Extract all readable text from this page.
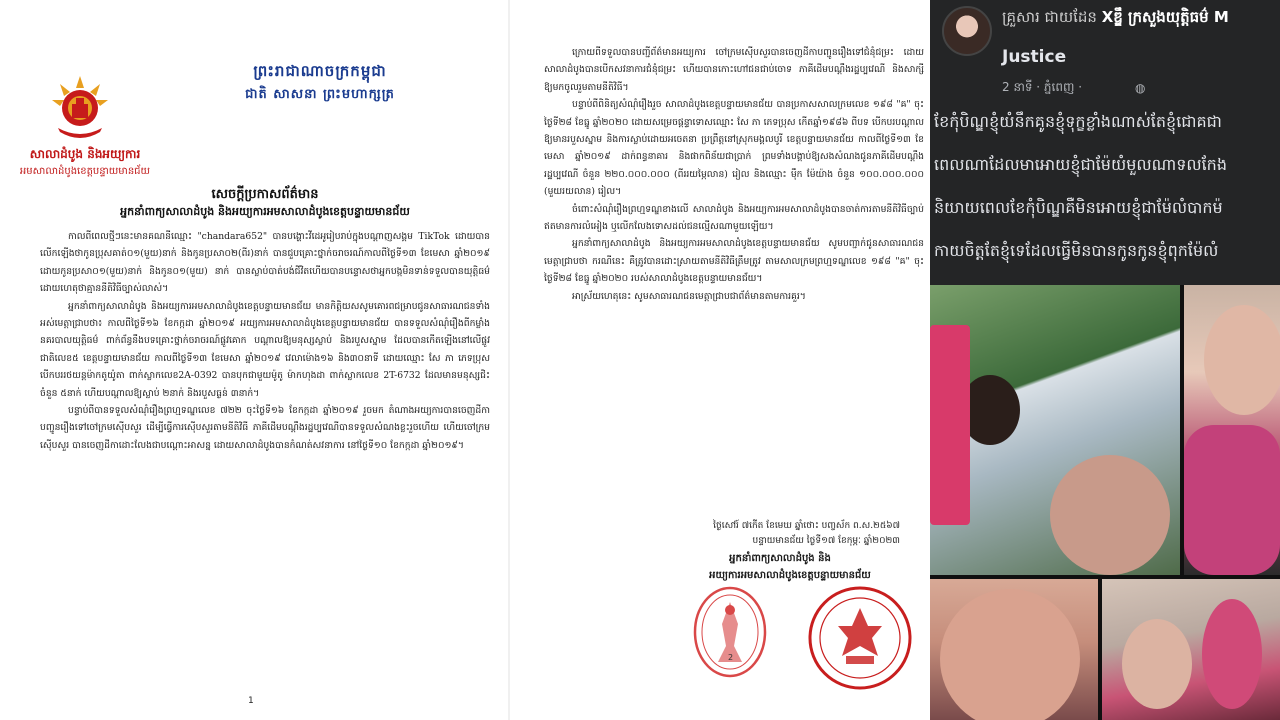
សាលាដំបូង និងអយ្យការ
អមសាលាដំបូងខេត្តបន្ទាយមានជ័យ
ព្រះរាជាណាចក្រកម្ពុជា
ជាតិ សាសនា ព្រះមហាក្សត្រ
សេចក្ដីប្រកាសព័ត៌មាន
អ្នកនាំពាក្យសាលាដំបូង និងអយ្យការអមសាលាដំបូងខេត្តបន្ទាយមានជ័យ

កាលពីពេលថ្មីៗនេះមានគណនីឈ្មោះ "chandara652" បានបង្ហោះវីដេអូរៀបរាប់ក្នុងបណ្តាញសង្គម TikTok ដោយបានលើកឡើងថាកូនប្រុសគាត់០១(មួយ)នាក់ និងកូនប្រសា០២(ពីរ)នាក់ បានជួបគ្រោះថ្នាក់ចរាចរណ៍កាលពីថ្ងៃទី១៣ ខែមេសា ឆ្នាំ២០១៩ ដោយកូនប្រសា០១(មួយ)នាក់ និងកូន០១(មួយ) នាក់ បានស្លាប់បាត់បង់ជីវិតហើយបានបន្ទោសថាអ្នកបង្កមិនទាន់ទទួលបានយុត្តិធម៌ដោយហេតុថាគ្មាននីតិវិធីច្បាស់លាស់។

អ្នកនាំពាក្យសាលាដំបូង និងអយ្យការអមសាលាដំបូងខេត្តបន្ទាយមានជ័យ មានកិត្តិយសសូមគោរពជម្រាបជូនសាធារណជនទាំងអស់មេត្តាជ្រាបថា៖ កាលពីថ្ងៃទី១៦ ខែកក្កដា ឆ្នាំ២០១៩ អយ្យការអមសាលាដំបូងខេត្តបន្ទាយមានជ័យ បានទទួលសំណុំរឿងពីកម្លាំងនគរបាលយុត្តិធម៌ ពាក់ព័ន្ធនឹងបទគ្រោះថ្នាក់ចរាចរណ៍ផ្លូវគោក បណ្ដាលឱ្យមនុស្សស្លាប់ និងរបួសស្នាម ដែលបានកើតឡើងនៅលើផ្លូវជាតិលេខ៥ ខេត្តបន្ទាយមានជ័យ កាលពីថ្ងៃទី១៣ ខែមេសា ឆ្នាំ២០១៩ វេលាម៉ោង១៦ និង៣០នាទី ដោយឈ្មោះ សែ ភា ភេទប្រុស បើកបររថយន្តម៉ាកតូយ៉ូតា ពាក់ស្លាកលេខ2A-0392 បានបុកជាមួយម៉ូតូ ម៉ាកហុងដា ពាក់ស្លាកលេខ 2T-6732 ដែលមានមនុស្សជិះចំនួន ៥នាក់ ហើយបណ្ដាលឱ្យស្លាប់ ២នាក់ និងរបួសធ្ងន់ ៣នាក់។

បន្ទាប់ពីបានទទួលសំណុំរឿងព្រហ្មទណ្ឌលេខ ៧២២ ចុះថ្ងៃទី១៦ ខែកក្កដា ឆ្នាំ២០១៩ រួចមក តំណាងអយ្យការបានចេញដីកាបញ្ជូនរឿងទៅចៅក្រមស៊ើបសួរ ដើម្បីធ្វើការស៊ើបសួរតាមនីតិវិធី ភាគីដើមបណ្ដឹងរដ្ឋប្បវេណីបានទទួលសំណងខ្លះរួចហើយ ហើយចៅក្រមស៊ើបសួរ បានចេញដីកាដោះលែងជាបណ្ដោះអាសន្ន ដោយសាលាដំបូងបានកំណត់សវនាការ នៅថ្ងៃទី១០ ខែកក្កដា ឆ្នាំ២០១៩។

1

ក្រោយពីទទួលបានបញ្ជីព័ត៌មានអយ្យការ ចៅក្រមស៊ើបសួរបានចេញដីកាបញ្ជូនរឿងទៅជំនុំជម្រះ ដោយសាលាដំបូងបានបើកសវនាការជំនុំជម្រះ ហើយបានកោះហៅជនជាប់ចោទ ភាគីដើមបណ្ដឹងរដ្ឋប្បវេណី និងសាក្សីឱ្យមកចូលរួមតាមនីតិវិធី។

បន្ទាប់ពីពិនិត្យសំណុំរឿងរួច សាលាដំបូងខេត្តបន្ទាយមានជ័យ បានប្រកាសសាលក្រមលេខ ១៩៨ "ឝ" ចុះថ្ងៃទី២៨ ខែធ្នូ ឆ្នាំ២០២០ ដោយសម្រេចផ្ដន្ទាទោសឈ្មោះ សែ ភា ភេទប្រុស កើតឆ្នាំ១៩៨៦ ពីបទ បើកបរបណ្ដាលឱ្យមានរបួសស្នាម និងការស្លាប់ដោយអចេតនា ប្រព្រឹត្តនៅស្រុកមង្គលបូរី ខេត្តបន្ទាយមានជ័យ កាលពីថ្ងៃទី១៣ ខែមេសា ឆ្នាំ២០១៩ ដាក់ពន្ធនាគារ និងផាកពិន័យជាប្រាក់ ព្រមទាំងបង្គាប់ឱ្យសងសំណងជូនភាគីដើមបណ្ដឹងរដ្ឋប្បវេណី ចំនួន ២២០.០០០.០០០ (ពីររយម្ភៃលាន) រៀល និងឈ្មោះ ម៉ឹក ម៉ែយ៉ាង ចំនួន ១០០.០០០.០០០ (មួយរយលាន) រៀល។

ចំពោះសំណុំរឿងព្រហ្មទណ្ឌខាងលើ សាលាដំបូង និងអយ្យការអមសាលាដំបូងបានចាត់ការតាមនីតិវិធីច្បាប់ ឥតមានការលំអៀង ឬលើកលែងទោសដល់ជនល្មើសណាមួយឡើយ។

អ្នកនាំពាក្យសាលាដំបូង និងអយ្យការអមសាលាដំបូងខេត្តបន្ទាយមានជ័យ សូមបញ្ជាក់ជូនសាធារណជនមេត្តាជ្រាបថា ករណីនេះ គឺត្រូវបានដោះស្រាយតាមនីតិវិធីត្រឹមត្រូវ តាមសាលក្រមព្រហ្មទណ្ឌលេខ ១៩៨ "ឝ" ចុះថ្ងៃទី២៨ ខែធ្នូ ឆ្នាំ២០២០ របស់សាលាដំបូងខេត្តបន្ទាយមានជ័យ។

អាស្រ័យហេតុនេះ សូមសាធារណជនមេត្តាជ្រាបជាព័ត៌មានតាមការគួរ។

ថ្ងៃសៅរ៍ ៧កើត ខែមេឃ ឆ្នាំថោះ បញ្ចស័ក ព.ស.២៥៦៧
បន្ទាយមានជ័យ ថ្ងៃទី១៧ ខែកុម្ភៈ ឆ្នាំ២០២៣
អ្នកនាំពាក្យសាលាដំបូង និង
អយ្យការអមសាលាដំបូងខេត្តបន្ទាយមានជ័យ
2
គ្រួសារ ជាយដែន Xឌ្ឌឹ ក្រសួងយុត្តិធម៌ M
Justice
2 នាទី · ភ្នំពេញ ·	◍
ខែកុំបិណ្ឌខ្ញុំយំនឹកគូនខ្ញុំទុក្ខខ្លាំងណាស់តែខ្ញុំជោគជា
ពេលណាដែលមាអោយខ្ញុំជាម៉ែយំមួលណាទលកែង
និយាយពេលខែកុំបិណ្ឌគឺមិនអោយខ្ញុំជាម៉ែលំបាកម៉
កាយចិត្តតែខ្ញុំទេដែលធ្វើមិនបានកូនកូនខ្ញុំពុកម៉ែលំ
